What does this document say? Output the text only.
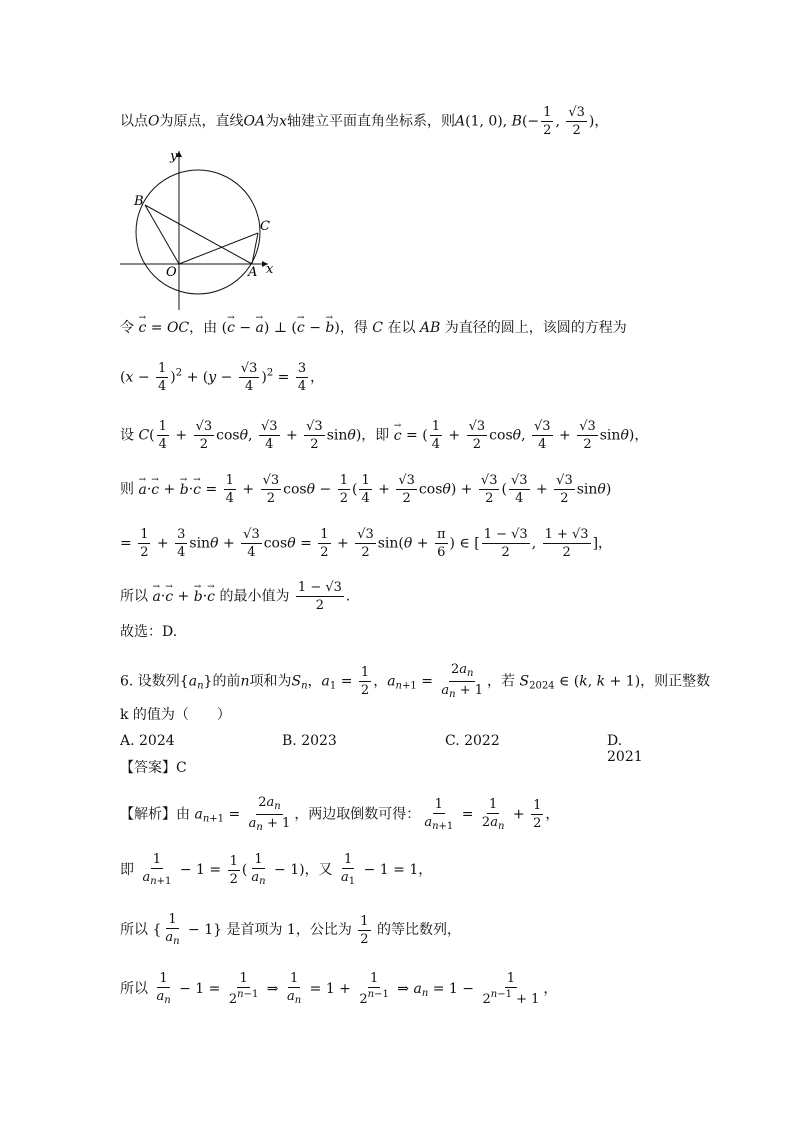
以点O为原点，直线OA为x轴建立平面直角坐标系，则A(1, 0), $B(- \frac{1}{2}$ , $\frac{√3}{2}$ )，
y
x
B
C
O	A
令 → c = OC，由 (→ c − → a) ⊥ (→ c − → b)，得 C 在以 AB 为直径的圆上，该圆的方程为
$(x - \frac{1}{4} )^2 + (y - \frac{√3}{4} )^2 = \frac{3}{4}$ ，
设 $C( \frac{1}{4} + \frac{√3}{2} \cos\theta$, $\frac{√3}{4} + \frac{√3}{2} \sin\theta$)，即 → c = ( $\frac{1}{4} + \frac{√3}{2} \cos\theta$, $\frac{√3}{4} + \frac{√3}{2} \sin\theta$)，
则 → a·→ c + → $b\cdot\to c = \frac{1}{4} + \frac{√3}{2}$ $\cos\theta - \frac{1}{2}$ ( $\frac{1}{4} + \frac{√3}{2} \cos\theta) + \frac{√3}{2}$ ( $\frac{√3}{4} + \frac{√3}{2} \sin\theta$)
= $\frac{1}{2} + \frac{3}{4}$ $\sin\theta + \frac{√3}{4}$ $\cos\theta = \frac{1}{2} + \frac{√3}{2} \sin(\theta + \frac{\pi}{6}$ ) ∈ [ $\frac{1 - √3}{2}$ , $\frac{1 + √3}{2}$ ]，
所以 → a·→ c + → b·→ c 的最小值为 $\frac{1 - √3}{2}$ .
故选：D.
6. 设数列$\{a_n\}$的前n项和为$S_n$，$a_1 = \frac{1}{2}$ ，$a_{n+1} = \frac{2a_n}{a_n + 1}$ ，若 $S_{2024}$ ∈ (k, k + 1)，则正整数
k 的值为（　　）
A. 2024	B. 2023	C. 2022	D. 2021
【答案】C
【解析】由 $a_{n+1} = \frac{2a_n}{a_n + 1}$ ，两边取倒数可得： $\frac{1}{a_{n+1}} = \frac{1}{2a_n} + \frac{1}{2}$ ，
即 $\frac{1}{a_{n+1}} - 1 = \frac{1}{2}$ ( $\frac{1}{a_n} - 1$)，又 $\frac{1}{a_1} - 1 = 1$，
所以 { $\frac{1}{a_n} - 1$} 是首项为 1，公比为 $\frac{1}{2}$ 的等比数列，
所以 $\frac{1}{a_n} - 1 = \frac{1}{2^{n-1}}$ ⇒ $\frac{1}{a_n} = 1 + \frac{1}{2^{n-1}}$ ⇒ $a_n = 1 - \frac{1}{2^{n-1} + 1}$ ，
